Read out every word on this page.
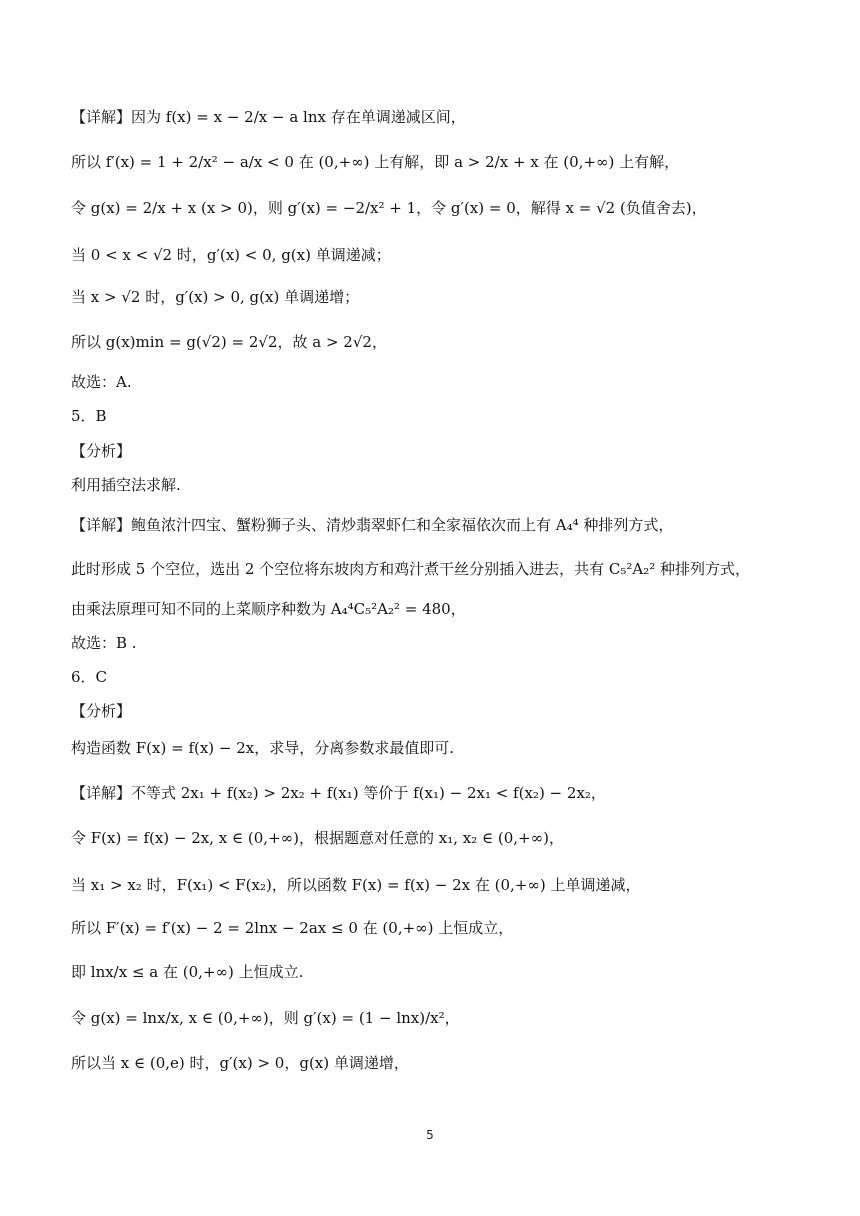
【详解】因为 f(x) = x − 2/x − a lnx 存在单调递减区间，
所以 f′(x) = 1 + 2/x² − a/x < 0 在 (0,+∞) 上有解，即 a > 2/x + x 在 (0,+∞) 上有解，
令 g(x) = 2/x + x (x > 0)，则 g′(x) = −2/x² + 1，令 g′(x) = 0，解得 x = √2 (负值舍去)，
当 0 < x < √2 时，g′(x) < 0, g(x) 单调递减；
当 x > √2 时，g′(x) > 0, g(x) 单调递增；
所以 g(x)min = g(√2) = 2√2，故 a > 2√2，
故选：A.
5．B
【分析】
利用插空法求解.
【详解】鲍鱼浓汁四宝、蟹粉狮子头、清炒翡翠虾仁和全家福依次而上有 A₄⁴ 种排列方式，
此时形成 5 个空位，选出 2 个空位将东坡肉方和鸡汁煮干丝分别插入进去，共有 C₅²A₂² 种排列方式，
由乘法原理可知不同的上菜顺序种数为 A₄⁴C₅²A₂² = 480，
故选：B .
6．C
【分析】
构造函数 F(x) = f(x) − 2x，求导，分离参数求最值即可.
【详解】不等式 2x₁ + f(x₂) > 2x₂ + f(x₁) 等价于 f(x₁) − 2x₁ < f(x₂) − 2x₂，
令 F(x) = f(x) − 2x, x ∈ (0,+∞)，根据题意对任意的 x₁, x₂ ∈ (0,+∞)，
当 x₁ > x₂ 时，F(x₁) < F(x₂)，所以函数 F(x) = f(x) − 2x 在 (0,+∞) 上单调递减，
所以 F′(x) = f′(x) − 2 = 2lnx − 2ax ≤ 0 在 (0,+∞) 上恒成立，
即 lnx/x ≤ a 在 (0,+∞) 上恒成立.
令 g(x) = lnx/x, x ∈ (0,+∞)，则 g′(x) = (1 − lnx)/x²，
所以当 x ∈ (0,e) 时，g′(x) > 0，g(x) 单调递增，
5
